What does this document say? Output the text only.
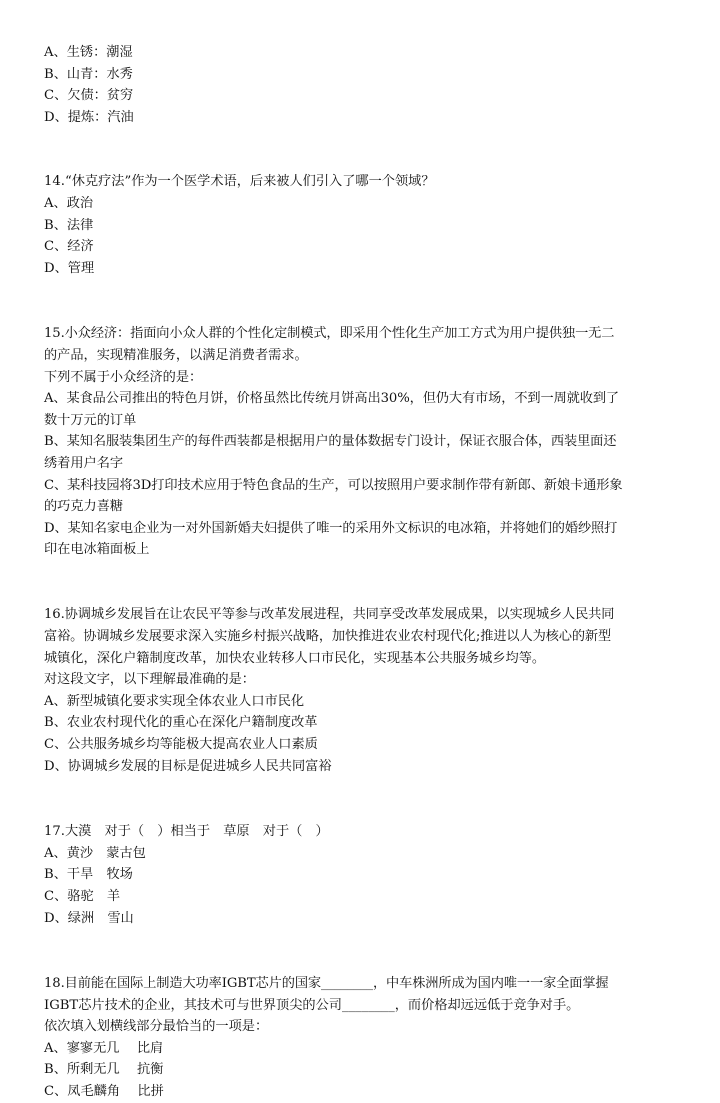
A、生锈：潮湿
B、山青：水秀
C、欠债：贫穷
D、提炼：汽油
14.“休克疗法”作为一个医学术语，后来被人们引入了哪一个领域？
A、政治
B、法律
C、经济
D、管理
15.小众经济：指面向小众人群的个性化定制模式，即采用个性化生产加工方式为用户提供独一无二
的产品，实现精准服务，以满足消费者需求。
下列不属于小众经济的是：
A、某食品公司推出的特色月饼，价格虽然比传统月饼高出30%，但仍大有市场，不到一周就收到了
数十万元的订单
B、某知名服装集团生产的每件西装都是根据用户的量体数据专门设计，保证衣服合体，西装里面还
绣着用户名字
C、某科技园将3D打印技术应用于特色食品的生产，可以按照用户要求制作带有新郎、新娘卡通形象
的巧克力喜糖
D、某知名家电企业为一对外国新婚夫妇提供了唯一的采用外文标识的电冰箱，并将她们的婚纱照打
印在电冰箱面板上
16.协调城乡发展旨在让农民平等参与改革发展进程，共同享受改革发展成果，以实现城乡人民共同
富裕。协调城乡发展要求深入实施乡村振兴战略，加快推进农业农村现代化;推进以人为核心的新型
城镇化，深化户籍制度改革，加快农业转移人口市民化，实现基本公共服务城乡均等。
对这段文字，以下理解最准确的是：
A、新型城镇化要求实现全体农业人口市民化
B、农业农村现代化的重心在深化户籍制度改革
C、公共服务城乡均等能极大提高农业人口素质
D、协调城乡发展的目标是促进城乡人民共同富裕
17.大漠　对于（　）相当于　草原　对于（　）
A、黄沙　蒙古包
B、干旱　牧场
C、骆驼　羊
D、绿洲　雪山
18.目前能在国际上制造大功率IGBT芯片的国家________，中车株洲所成为国内唯一一家全面掌握
IGBT芯片技术的企业，其技术可与世界顶尖的公司________，而价格却远远低于竞争对手。
依次填入划横线部分最恰当的一项是：
A、寥寥无几　 比肩
B、所剩无几　 抗衡
C、凤毛麟角　 比拼
